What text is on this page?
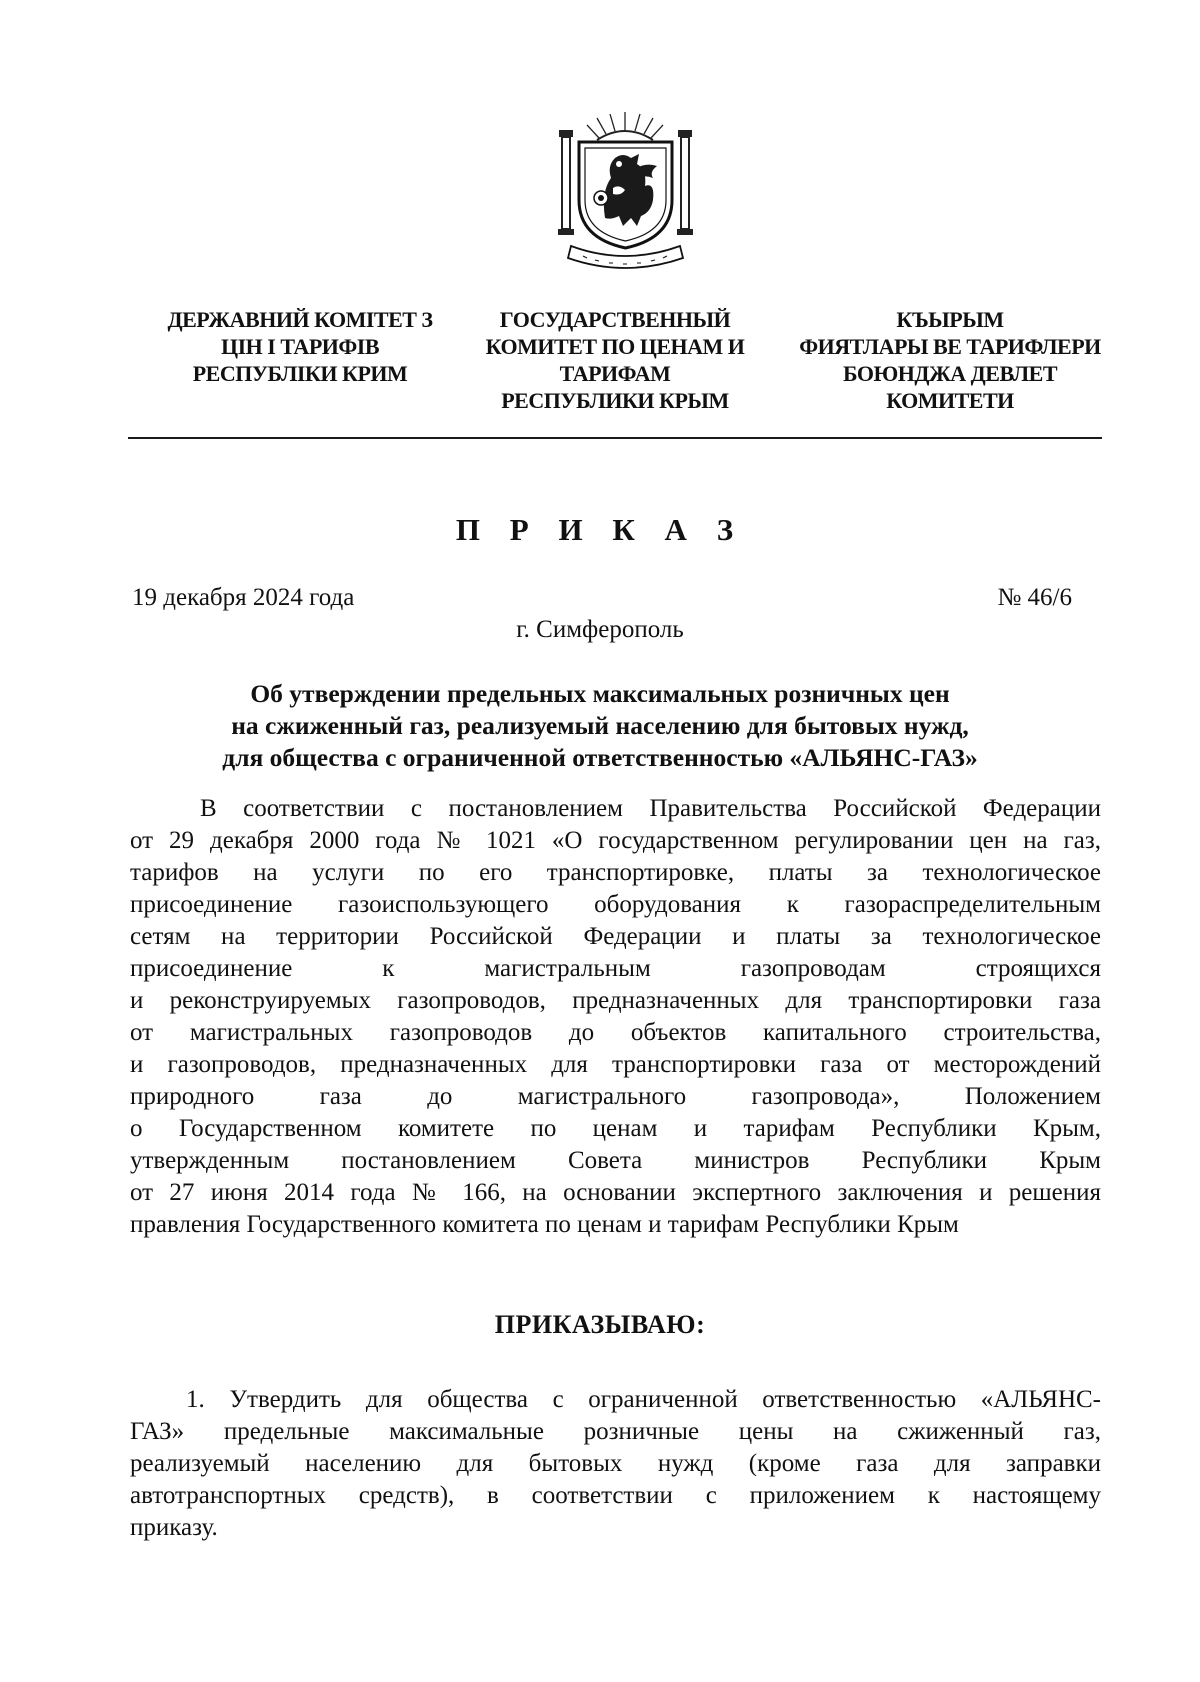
ДЕРЖАВНИЙ КОМІТЕТ З
ЦІН І ТАРИФІВ
РЕСПУБЛІКИ КРИМ
ГОСУДАРСТВЕННЫЙ
КОМИТЕТ ПО ЦЕНАМ И
ТАРИФАМ
РЕСПУБЛИКИ КРЫМ
КЪЫРЫМ
ФИЯТЛАРЫ ВЕ ТАРИФЛЕРИ
БОЮНДЖА ДЕВЛЕТ
КОМИТЕТИ
П Р И К А З
19 декабря 2024 года	№ 46/6
г. Симферополь
Об утверждении предельных максимальных розничных цен
на сжиженный газ, реализуемый населению для бытовых нужд,
для общества с ограниченной ответственностью «АЛЬЯНС-ГАЗ»
В соответствии с постановлением Правительства Российской Федерации
от 29 декабря 2000 года № 1021 «О государственном регулировании цен на газ,
тарифов на услуги по его транспортировке, платы за технологическое
присоединение газоиспользующего оборудования к газораспределительным
сетям на территории Российской Федерации и платы за технологическое
присоединение к магистральным газопроводам строящихся
и реконструируемых газопроводов, предназначенных для транспортировки газа
от магистральных газопроводов до объектов капитального строительства,
и газопроводов, предназначенных для транспортировки газа от месторождений
природного газа до магистрального газопровода», Положением
о Государственном комитете по ценам и тарифам Республики Крым,
утвержденным постановлением Совета министров Республики Крым
от 27 июня 2014 года № 166, на основании экспертного заключения и решения
правления Государственного комитета по ценам и тарифам Республики Крым
ПРИКАЗЫВАЮ:
1. Утвердить для общества с ограниченной ответственностью «АЛЬЯНС-
ГАЗ» предельные максимальные розничные цены на сжиженный газ,
реализуемый населению для бытовых нужд (кроме газа для заправки
автотранспортных средств), в соответствии с приложением к настоящему
приказу.
